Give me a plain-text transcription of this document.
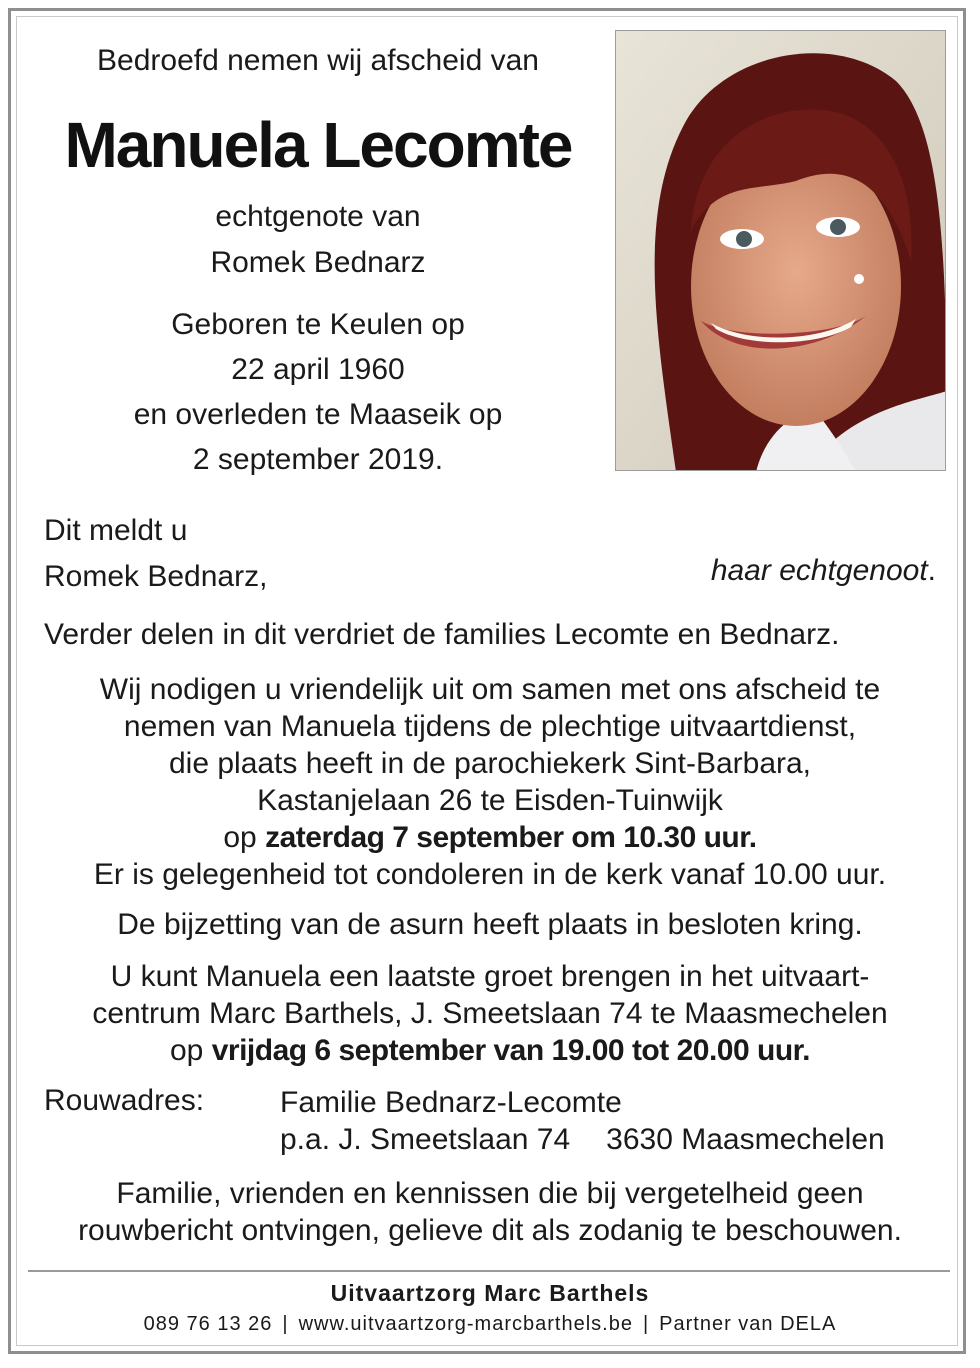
Bedroefd nemen wij afscheid van
Manuela Lecomte
echtgenote van
Romek Bednarz
Geboren te Keulen op
22 april 1960
en overleden te Maaseik op
2 september 2019.
Dit meldt u
Romek Bednarz,	haar echtgenoot.
Verder delen in dit verdriet de families Lecomte en Bednarz.
Wij nodigen u vriendelijk uit om samen met ons afscheid te
nemen van Manuela tijdens de plechtige uitvaartdienst,
die plaats heeft in de parochiekerk Sint-Barbara,
Kastanjelaan 26 te Eisden-Tuinwijk
op zaterdag 7 september om 10.30 uur.
Er is gelegenheid tot condoleren in de kerk vanaf 10.00 uur.
De bijzetting van de asurn heeft plaats in besloten kring.
U kunt Manuela een laatste groet brengen in het uitvaart-
centrum Marc Barthels, J. Smeetslaan 74 te Maasmechelen
op vrijdag 6 september van 19.00 tot 20.00 uur.
Rouwadres:	Familie Bednarz-Lecomte
p.a. J. Smeetslaan 74 3630 Maasmechelen
Familie, vrienden en kennissen die bij vergetelheid geen
rouwbericht ontvingen, gelieve dit als zodanig te beschouwen.
Uitvaartzorg Marc Barthels
089 76 13 26 | www.uitvaartzorg-marcbarthels.be | Partner van DELA
